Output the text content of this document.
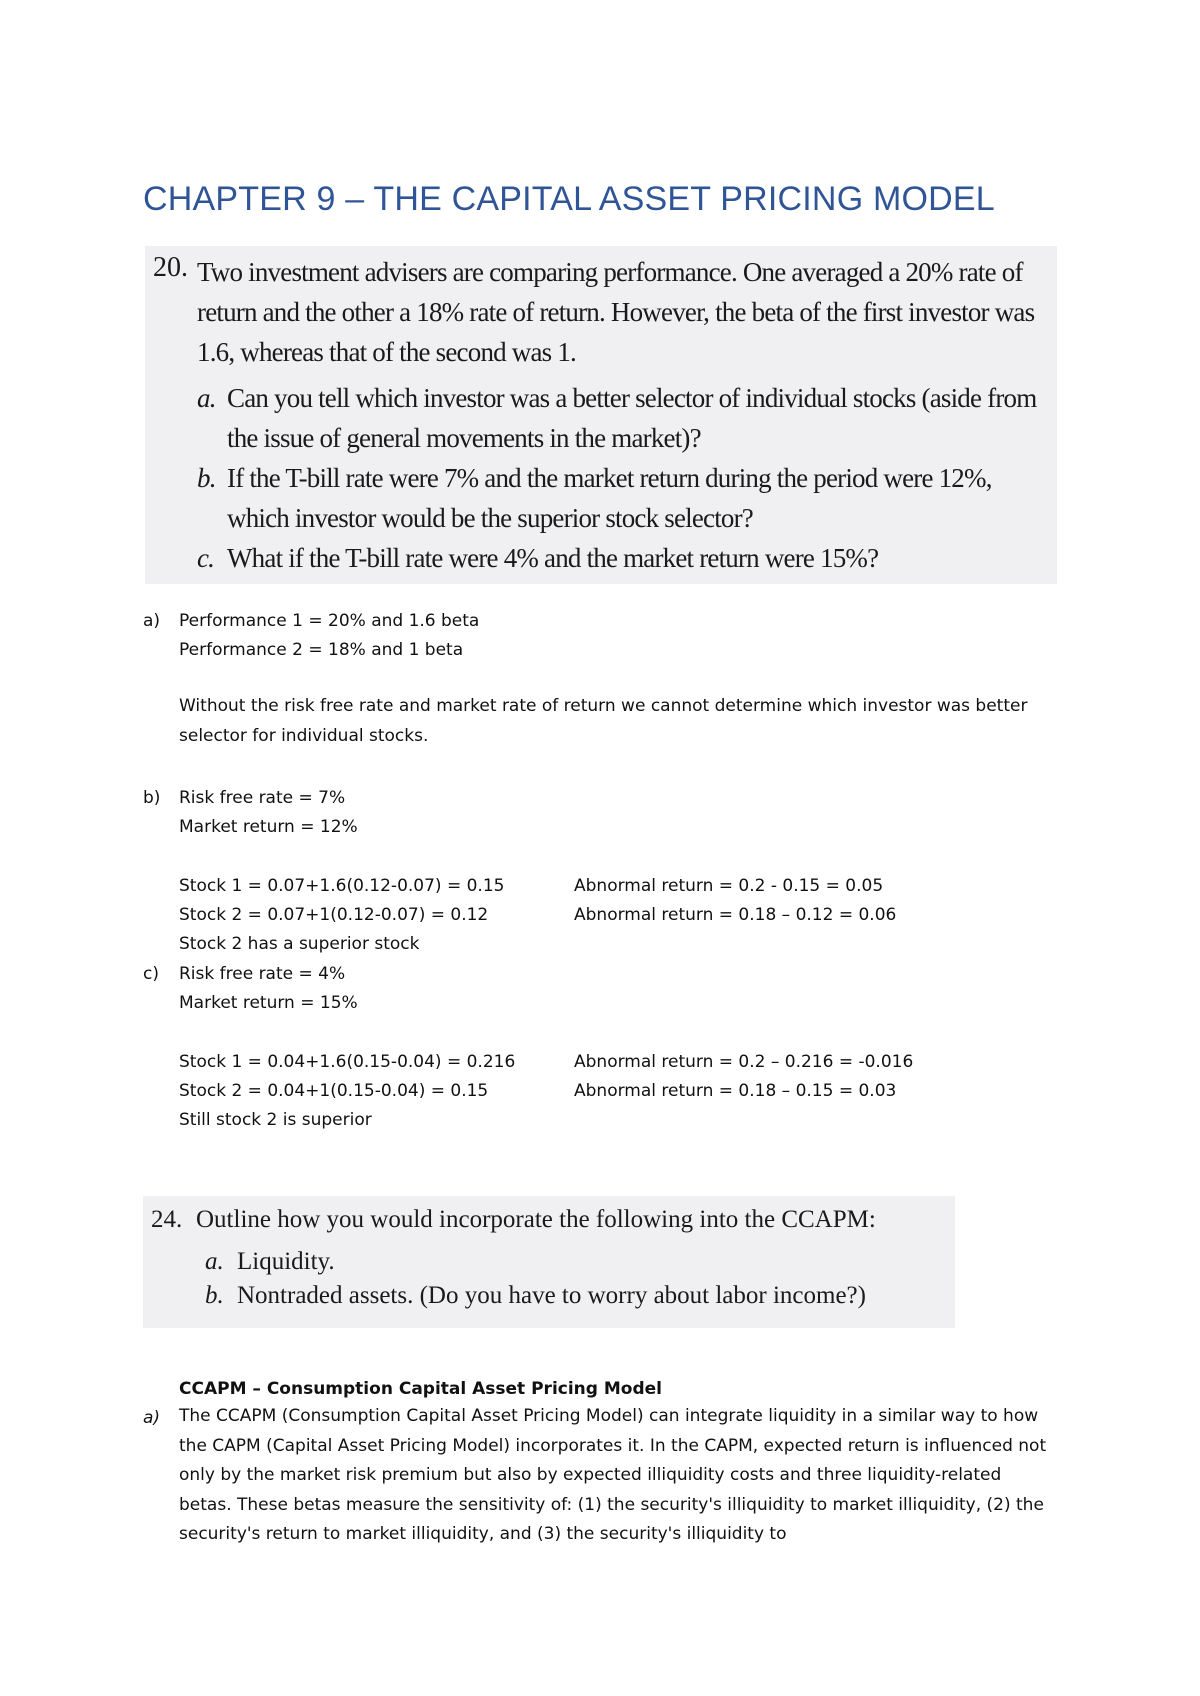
CHAPTER 9 – THE CAPITAL ASSET PRICING MODEL
20. Two investment advisers are comparing performance. One averaged a 20% rate of return and the other a 18% rate of return. However, the beta of the first investor was 1.6, whereas that of the second was 1.
a. Can you tell which investor was a better selector of individual stocks (aside from the issue of general movements in the market)?
b. If the T-bill rate were 7% and the market return during the period were 12%, which investor would be the superior stock selector?
c. What if the T-bill rate were 4% and the market return were 15%?
a) Performance 1 = 20% and 1.6 beta
Performance 2 = 18% and 1 beta
Without the risk free rate and market rate of return we cannot determine which investor was better selector for individual stocks.
b) Risk free rate = 7%
Market return = 12%
Stock 1 = 0.07+1.6(0.12-0.07) = 0.15	Abnormal return = 0.2 - 0.15 = 0.05
Stock 2 = 0.07+1(0.12-0.07) = 0.12	Abnormal return = 0.18 – 0.12 = 0.06
Stock 2 has a superior stock
c) Risk free rate = 4%
Market return = 15%
Stock 1 = 0.04+1.6(0.15-0.04) = 0.216	Abnormal return = 0.2 – 0.216 = -0.016
Stock 2 = 0.04+1(0.15-0.04) = 0.15	Abnormal return = 0.18 – 0.15 = 0.03
Still stock 2 is superior
24. Outline how you would incorporate the following into the CCAPM:
a. Liquidity.
b. Nontraded assets. (Do you have to worry about labor income?)
CCAPM – Consumption Capital Asset Pricing Model
a) The CCAPM (Consumption Capital Asset Pricing Model) can integrate liquidity in a similar way to how the CAPM (Capital Asset Pricing Model) incorporates it. In the CAPM, expected return is influenced not only by the market risk premium but also by expected illiquidity costs and three liquidity-related betas. These betas measure the sensitivity of: (1) the security's illiquidity to market illiquidity, (2) the security's return to market illiquidity, and (3) the security's illiquidity to
